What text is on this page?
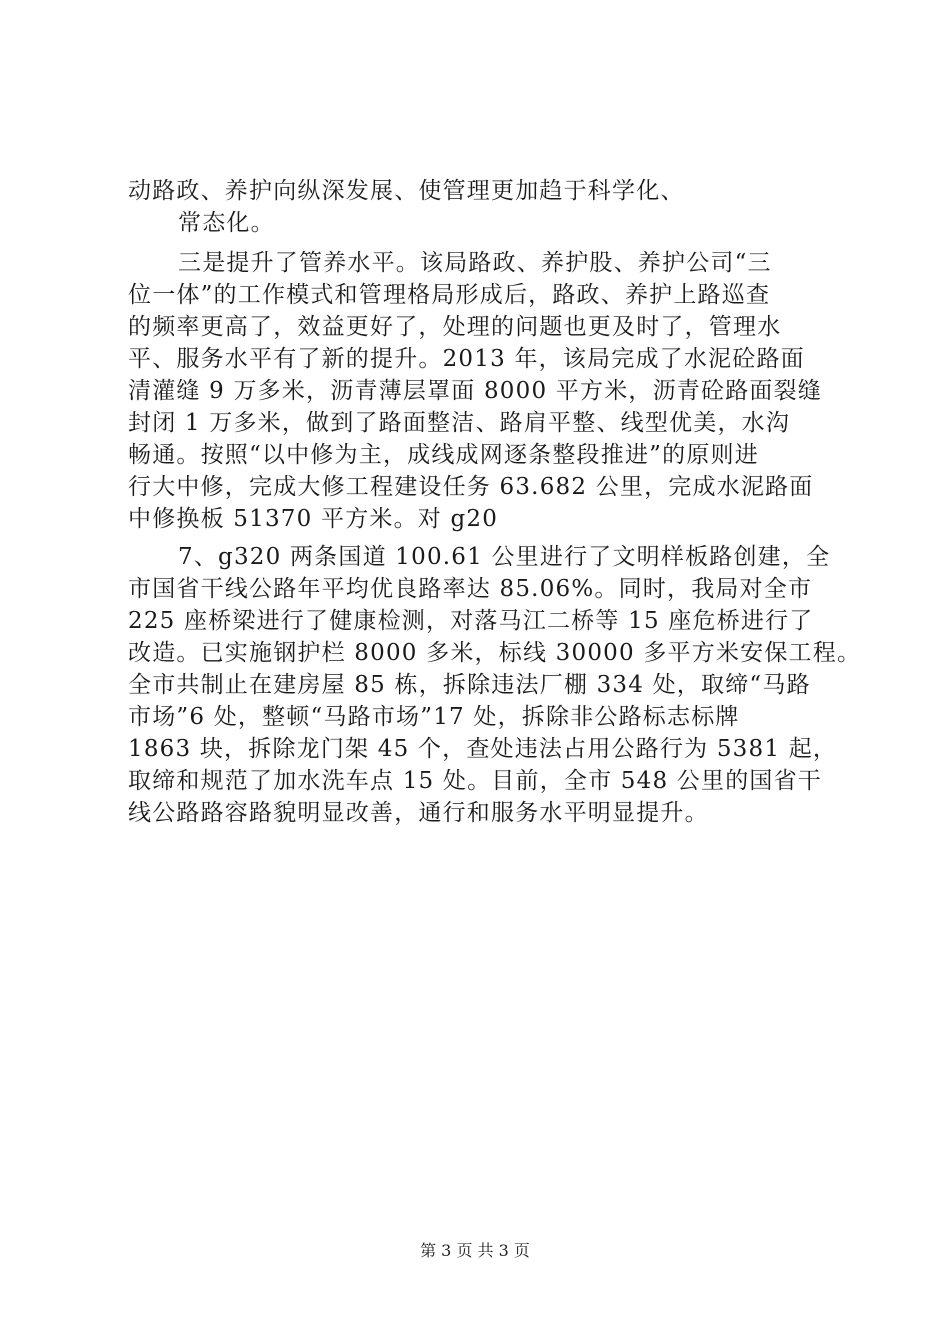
动路政、养护向纵深发展、使管理更加趋于科学化、
常态化。
三是提升了管养水平。该局路政、养护股、养护公司“三
位一体”的工作模式和管理格局形成后，路政、养护上路巡查
的频率更高了，效益更好了，处理的问题也更及时了，管理水
平、服务水平有了新的提升。2013 年，该局完成了水泥砼路面
清灌缝 9 万多米，沥青薄层罩面 8000 平方米，沥青砼路面裂缝
封闭 1 万多米，做到了路面整洁、路肩平整、线型优美，水沟
畅通。按照“以中修为主，成线成网逐条整段推进”的原则进
行大中修，完成大修工程建设任务 63.682 公里，完成水泥路面
中修换板 51370 平方米。对 g20
7、g320 两条国道 100.61 公里进行了文明样板路创建，全
市国省干线公路年平均优良路率达 85.06%。同时，我局对全市
225 座桥梁进行了健康检测，对落马江二桥等 15 座危桥进行了
改造。已实施钢护栏 8000 多米，标线 30000 多平方米安保工程。
全市共制止在建房屋 85 栋，拆除违法厂棚 334 处，取缔“马路
市场”6 处，整顿“马路市场”17 处，拆除非公路标志标牌
1863 块，拆除龙门架 45 个，查处违法占用公路行为 5381 起，
取缔和规范了加水洗车点 15 处。目前，全市 548 公里的国省干
线公路路容路貌明显改善，通行和服务水平明显提升。
第 3 页 共 3 页
